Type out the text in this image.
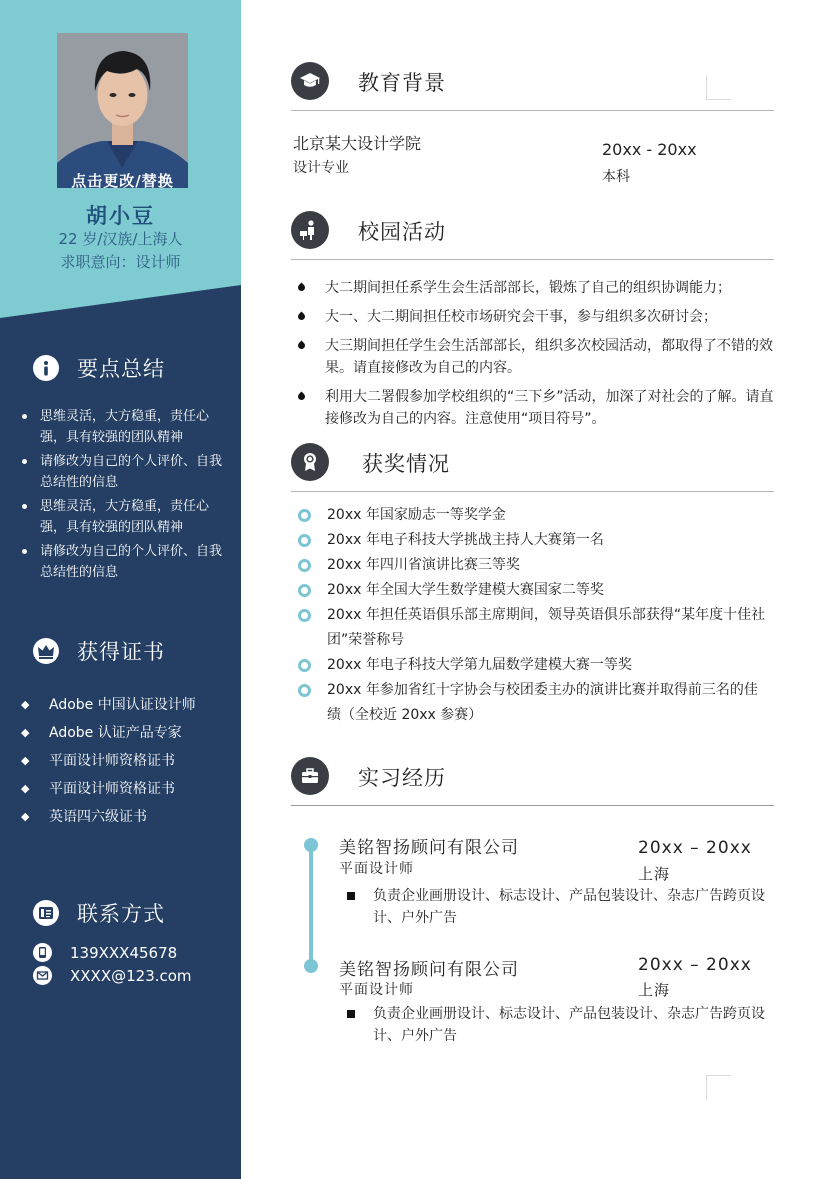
点击更改/替换
胡小豆
22 岁/汉族/上海人
求职意向：设计师
要点总结
思维灵活，大方稳重，责任心强，具有较强的团队精神
请修改为自己的个人评价、自我总结性的信息
思维灵活，大方稳重，责任心强，具有较强的团队精神
请修改为自己的个人评价、自我总结性的信息
获得证书
◆ Adobe 中国认证设计师
◆ Adobe 认证产品专家
◆ 平面设计师资格证书
◆ 平面设计师资格证书
◆ 英语四六级证书
联系方式
139XXX45678
XXXX@123.com
教育背景
北京某大设计学院
设计专业
20xx - 20xx
本科
校园活动
大二期间担任系学生会生活部部长，锻炼了自己的组织协调能力；
大一、大二期间担任校市场研究会干事，参与组织多次研讨会；
大三期间担任学生会生活部部长，组织多次校园活动，都取得了不错的效果。请直接修改为自己的内容。
利用大二署假参加学校组织的“三下乡”活动，加深了对社会的了解。请直接修改为自己的内容。注意使用“项目符号”。
获奖情况
20xx 年国家励志一等奖学金
20xx 年电子科技大学挑战主持人大赛第一名
20xx 年四川省演讲比赛三等奖
20xx 年全国大学生数学建模大赛国家二等奖
20xx 年担任英语俱乐部主席期间，领导英语俱乐部获得“某年度十佳社团”荣誉称号
20xx 年电子科技大学第九届数学建模大赛一等奖
20xx 年参加省红十字协会与校团委主办的演讲比赛并取得前三名的佳绩（全校近 20xx 参赛）
实习经历
美铭智扬顾问有限公司
平面设计师
20xx – 20xx
上海
负责企业画册设计、标志设计、产品包装设计、杂志广告跨页设计、户外广告
美铭智扬顾问有限公司
平面设计师
20xx – 20xx
上海
负责企业画册设计、标志设计、产品包装设计、杂志广告跨页设计、户外广告
